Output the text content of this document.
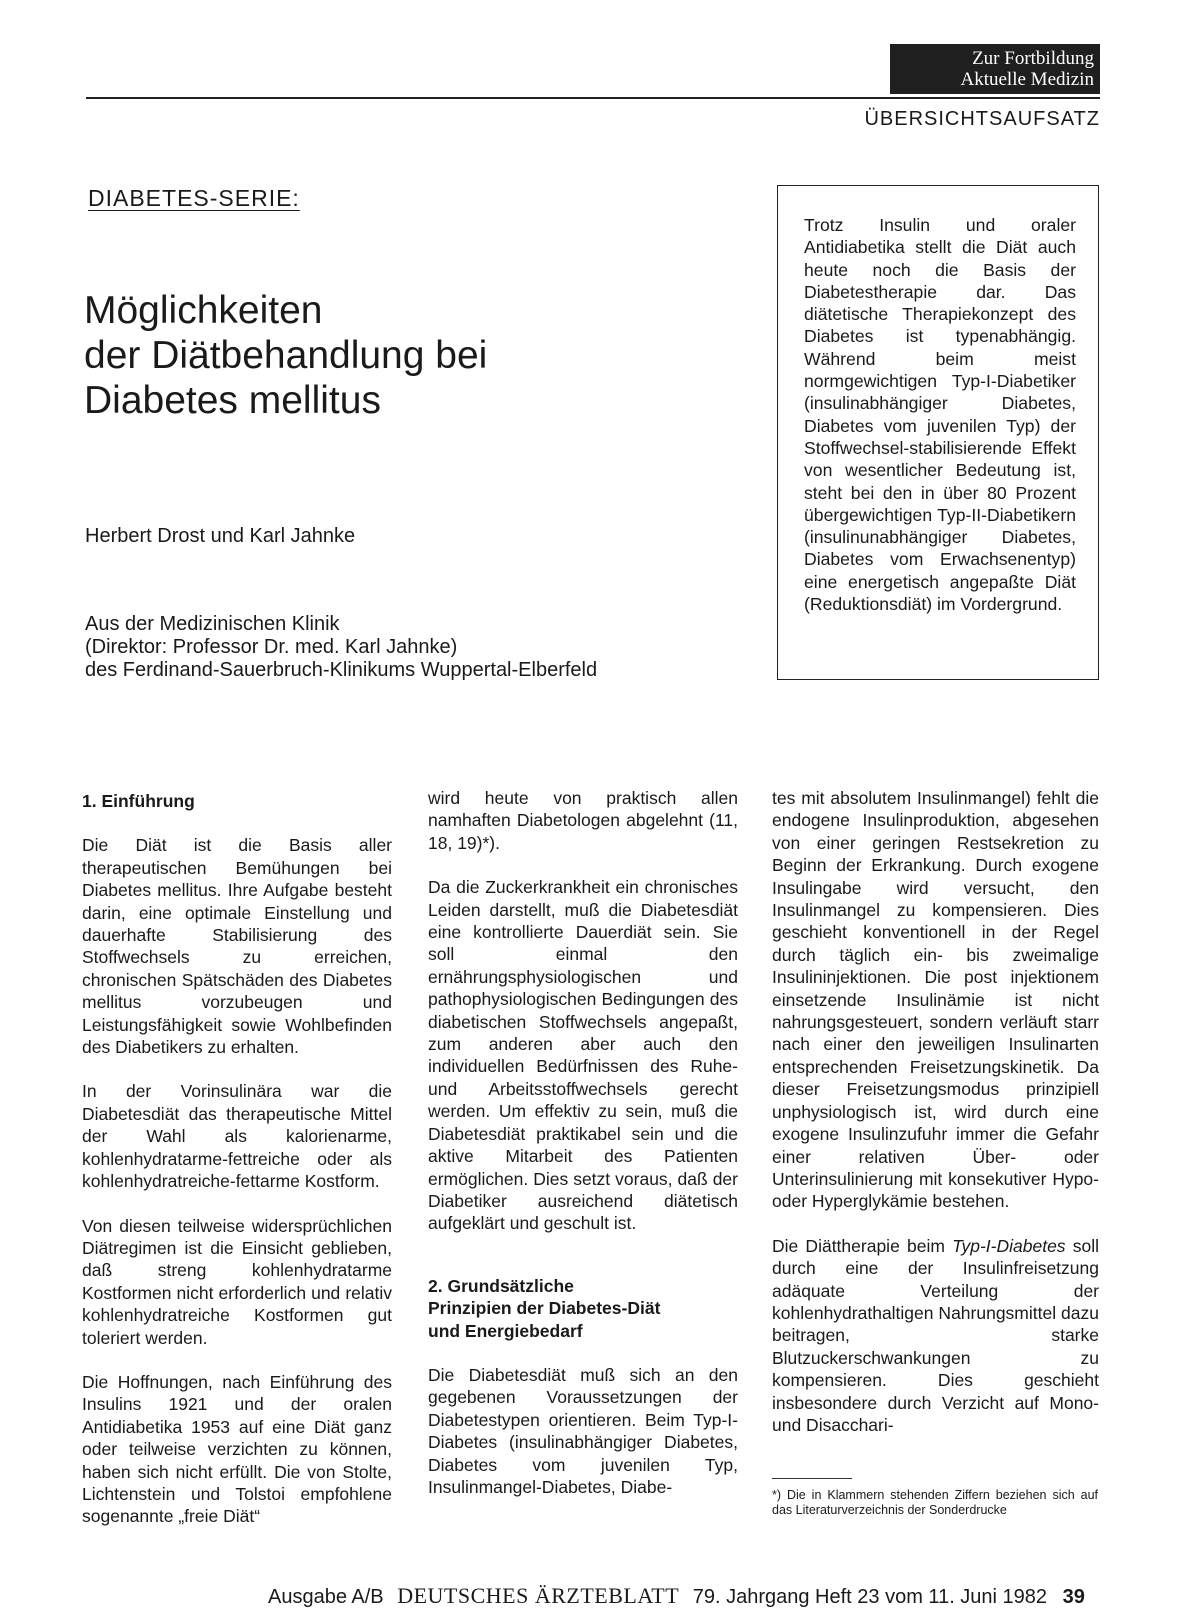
Zur Fortbildung
Aktuelle Medizin
ÜBERSICHTSAUFSATZ
DIABETES-SERIE:
Möglichkeiten
der Diätbehandlung bei
Diabetes mellitus
Herbert Drost und Karl Jahnke
Aus der Medizinischen Klinik
(Direktor: Professor Dr. med. Karl Jahnke)
des Ferdinand-Sauerbruch-Klinikums Wuppertal-Elberfeld
Trotz Insulin und oraler Antidiabetika stellt die Diät auch heute noch die Basis der Diabetestherapie dar. Das diätetische Therapiekonzept des Diabetes ist typenabhängig. Während beim meist normgewichtigen Typ-I-Diabetiker (insulinabhängiger Diabetes, Diabetes vom juvenilen Typ) der Stoffwechsel-stabilisierende Effekt von wesentlicher Bedeutung ist, steht bei den in über 80 Prozent übergewichtigen Typ-II-Diabetikern (insulinunabhängiger Diabetes, Diabetes vom Erwachsenentyp) eine energetisch angepaßte Diät (Reduktionsdiät) im Vordergrund.
1. Einführung

Die Diät ist die Basis aller therapeutischen Bemühungen bei Diabetes mellitus. Ihre Aufgabe besteht darin, eine optimale Einstellung und dauerhafte Stabilisierung des Stoffwechsels zu erreichen, chronischen Spätschäden des Diabetes mellitus vorzubeugen und Leistungsfähigkeit sowie Wohlbefinden des Diabetikers zu erhalten.

In der Vorinsulinära war die Diabetesdiät das therapeutische Mittel der Wahl als kalorienarme, kohlenhydratarme-fettreiche oder als kohlenhydratreiche-fettarme Kostform.

Von diesen teilweise widersprüchlichen Diätregimen ist die Einsicht geblieben, daß streng kohlenhydratarme Kostformen nicht erforderlich und relativ kohlenhydratreiche Kostformen gut toleriert werden.

Die Hoffnungen, nach Einführung des Insulins 1921 und der oralen Antidiabetika 1953 auf eine Diät ganz oder teilweise verzichten zu können, haben sich nicht erfüllt. Die von Stolte, Lichtenstein und Tolstoi empfohlene sogenannte „freie Diät“

wird heute von praktisch allen namhaften Diabetologen abgelehnt (11, 18, 19)*).

Da die Zuckerkrankheit ein chronisches Leiden darstellt, muß die Diabetesdiät eine kontrollierte Dauerdiät sein. Sie soll einmal den ernährungsphysiologischen und pathophysiologischen Bedingungen des diabetischen Stoffwechsels angepaßt, zum anderen aber auch den individuellen Bedürfnissen des Ruhe- und Arbeitsstoffwechsels gerecht werden. Um effektiv zu sein, muß die Diabetesdiät praktikabel sein und die aktive Mitarbeit des Patienten ermöglichen. Dies setzt voraus, daß der Diabetiker ausreichend diätetisch aufgeklärt und geschult ist.

2. Grundsätzliche
Prinzipien der Diabetes-Diät
und Energiebedarf

Die Diabetesdiät muß sich an den gegebenen Voraussetzungen der Diabetestypen orientieren. Beim Typ-I-Diabetes (insulinabhängiger Diabetes, Diabetes vom juvenilen Typ, Insulinmangel-Diabetes, Diabe-

tes mit absolutem Insulinmangel) fehlt die endogene Insulinproduktion, abgesehen von einer geringen Restsekretion zu Beginn der Erkrankung. Durch exogene Insulingabe wird versucht, den Insulinmangel zu kompensieren. Dies geschieht konventionell in der Regel durch täglich ein- bis zweimalige Insulininjektionen. Die post injektionem einsetzende Insulinämie ist nicht nahrungsgesteuert, sondern verläuft starr nach einer den jeweiligen Insulinarten entsprechenden Freisetzungskinetik. Da dieser Freisetzungsmodus prinzipiell unphysiologisch ist, wird durch eine exogene Insulinzufuhr immer die Gefahr einer relativen Über- oder Unterinsulinierung mit konsekutiver Hypo- oder Hyperglykämie bestehen.

Die Diättherapie beim Typ-I-Diabetes soll durch eine der Insulinfreisetzung adäquate Verteilung der kohlenhydrathaltigen Nahrungsmittel dazu beitragen, starke Blutzuckerschwankungen zu kompensieren. Dies geschieht insbesondere durch Verzicht auf Mono- und Disacchari-

*) Die in Klammern stehenden Ziffern beziehen sich auf das Literaturverzeichnis der Sonderdrucke
Ausgabe A/B DEUTSCHES ÄRZTEBLATT 79. Jahrgang Heft 23 vom 11. Juni 1982 39
